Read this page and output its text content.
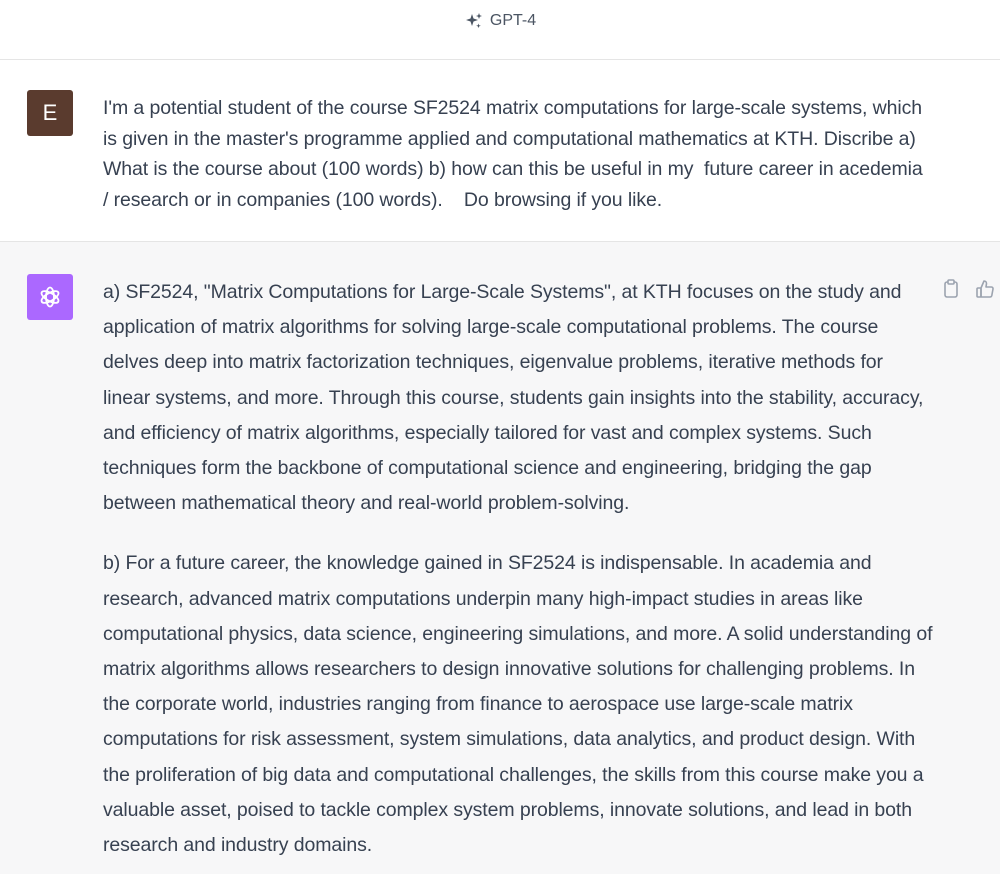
GPT-4
E I'm a potential student of the course SF2524 matrix computations for large-scale systems, which is given in the master's programme applied and computational mathematics at KTH. Discribe a) What is the course about (100 words) b) how can this be useful in my  future career in acedemia / research or in companies (100 words).    Do browsing if you like.

a) SF2524, "Matrix Computations for Large-Scale Systems", at KTH focuses on the study and application of matrix algorithms for solving large-scale computational problems. The course delves deep into matrix factorization techniques, eigenvalue problems, iterative methods for linear systems, and more. Through this course, students gain insights into the stability, accuracy, and efficiency of matrix algorithms, especially tailored for vast and complex systems. Such techniques form the backbone of computational science and engineering, bridging the gap between mathematical theory and real-world problem-solving.

b) For a future career, the knowledge gained in SF2524 is indispensable. In academia and research, advanced matrix computations underpin many high-impact studies in areas like computational physics, data science, engineering simulations, and more. A solid understanding of matrix algorithms allows researchers to design innovative solutions for challenging problems. In the corporate world, industries ranging from finance to aerospace use large-scale matrix computations for risk assessment, system simulations, data analytics, and product design. With the proliferation of big data and computational challenges, the skills from this course make you a valuable asset, poised to tackle complex system problems, innovate solutions, and lead in both research and industry domains.
